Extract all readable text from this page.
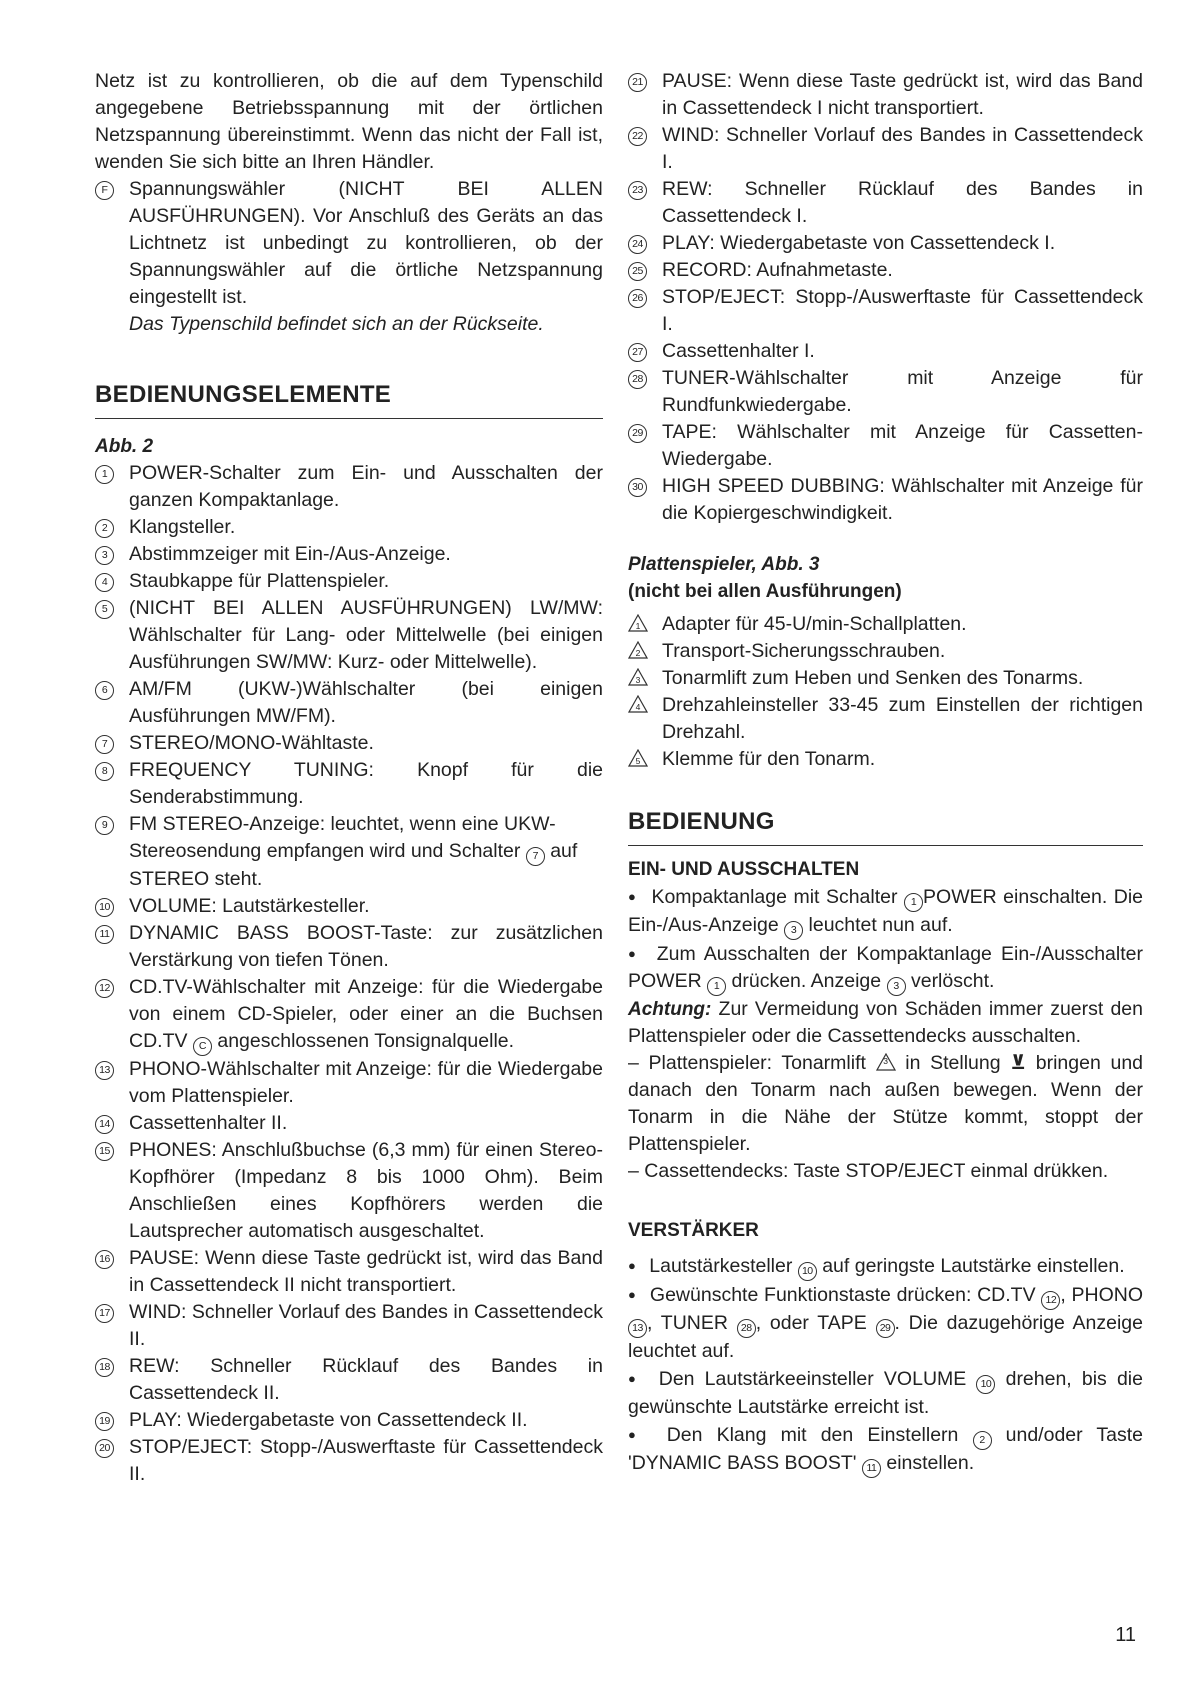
Netz ist zu kontrollieren, ob die auf dem Typenschild angegebene Betriebsspannung mit der örtlichen Netzspannung übereinstimmt. Wenn das nicht der Fall ist, wenden Sie sich bitte an Ihren Händler.

F	Spannungswähler (NICHT BEI ALLEN AUSFÜHRUNGEN). Vor Anschluß des Geräts an das Lichtnetz ist unbedingt zu kontrollieren, ob der Spannungswähler auf die örtliche Netzspannung eingestellt ist.
Das Typenschild befindet sich an der Rückseite.
BEDIENUNGSELEMENTE

Abb. 2

1	POWER-Schalter zum Ein- und Ausschalten der ganzen Kompaktanlage.
2	Klangsteller.
3	Abstimmzeiger mit Ein-/Aus-Anzeige.
4	Staubkappe für Plattenspieler.
5	(NICHT BEI ALLEN AUSFÜHRUNGEN) LW/MW: Wählschalter für Lang- oder Mittelwelle (bei einigen Ausführungen SW/MW: Kurz- oder Mittelwelle).
6	AM/FM (UKW-)Wählschalter (bei einigen Ausführungen MW/FM).
7	STEREO/MONO-Wähltaste.
8	FREQUENCY TUNING: Knopf für die Senderabstimmung.
9	FM STEREO-Anzeige: leuchtet, wenn eine UKW-Stereosendung empfangen wird und Schalter 7 auf STEREO steht.
10 VOLUME: Lautstärkesteller.
11 DYNAMIC BASS BOOST-Taste: zur zusätzlichen Verstärkung von tiefen Tönen.
12 CD.TV-Wählschalter mit Anzeige: für die Wiedergabe von einem CD-Spieler, oder einer an die Buchsen CD.TV C angeschlossenen Tonsignalquelle.
13 PHONO-Wählschalter mit Anzeige: für die Wiedergabe vom Plattenspieler.
14 Cassettenhalter II.
15 PHONES: Anschlußbuchse (6,3 mm) für einen Stereo-Kopfhörer (Impedanz 8 bis 1000 Ohm). Beim Anschließen eines Kopfhörers werden die Lautsprecher automatisch ausgeschaltet.
16 PAUSE: Wenn diese Taste gedrückt ist, wird das Band in Cassettendeck II nicht transportiert.
17 WIND: Schneller Vorlauf des Bandes in Cassettendeck II.
18 REW: Schneller Rücklauf des Bandes in Cassettendeck II.
19 PLAY: Wiedergabetaste von Cassettendeck II.
20 STOP/EJECT: Stopp-/Auswerftaste für Cassettendeck II.
21 PAUSE: Wenn diese Taste gedrückt ist, wird das Band in Cassettendeck I nicht transportiert.
22 WIND: Schneller Vorlauf des Bandes in Cassettendeck I.
23 REW: Schneller Rücklauf des Bandes in Cassettendeck I.
24 PLAY: Wiedergabetaste von Cassettendeck I.
25 RECORD: Aufnahmetaste.
26 STOP/EJECT: Stopp-/Auswerftaste für Cassettendeck I.
27 Cassettenhalter I.
28 TUNER-Wählschalter mit Anzeige für Rundfunkwiedergabe.
29 TAPE: Wählschalter mit Anzeige für Cassetten-Wiedergabe.
30 HIGH SPEED DUBBING: Wählschalter mit Anzeige für die Kopiergeschwindigkeit.

Plattenspieler, Abb. 3

(nicht bei allen Ausführungen)

1	Adapter für 45-U/min-Schallplatten.
2	Transport-Sicherungsschrauben.
3	Tonarmlift zum Heben und Senken des Tonarms.
4	Drehzahleinsteller 33-45 zum Einstellen der richtigen Drehzahl.
5	Klemme für den Tonarm.
BEDIENUNG

EIN- UND AUSSCHALTEN

● Kompaktanlage mit Schalter 1 POWER einschalten. Die Ein-/Aus-Anzeige 3 leuchtet nun auf.

● Zum Ausschalten der Kompaktanlage Ein-/Ausschalter POWER 1 drücken. Anzeige 3 verlöscht.

Achtung: Zur Vermeidung von Schäden immer zuerst den Plattenspieler oder die Cassettendecks ausschalten.

– Plattenspieler: Tonarmlift	3 in Stellung ⊻ bringen und danach den Tonarm nach außen bewegen. Wenn der Tonarm in die Nähe der Stütze kommt, stoppt der Plattenspieler.

– Cassettendecks: Taste STOP/EJECT einmal drükken.

VERSTÄRKER

● Lautstärkesteller 10 auf geringste Lautstärke einstellen.

● Gewünschte Funktionstaste drücken: CD.TV 12 , PHONO 13 , TUNER 28 , oder TAPE 29 . Die dazugehörige Anzeige leuchtet auf.

● Den Lautstärkeeinsteller VOLUME 10 drehen, bis die gewünschte Lautstärke erreicht ist.

● Den Klang mit den Einstellern 2 und/oder Taste 'DYNAMIC BASS BOOST' 11 einstellen.

11
